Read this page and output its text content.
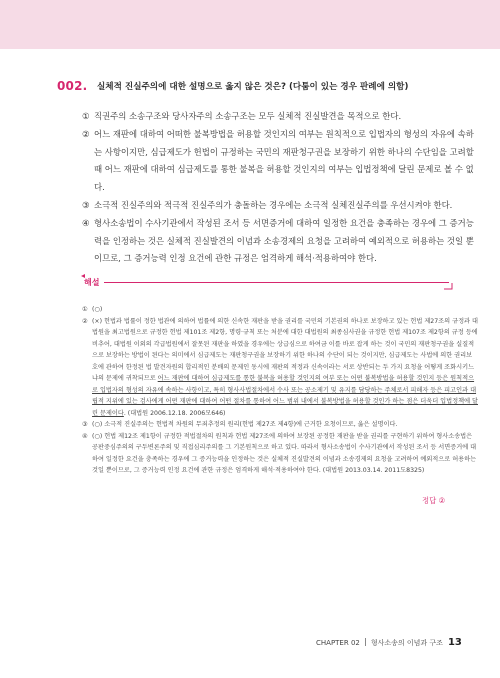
002. 실체적 진실주의에 대한 설명으로 옳지 않은 것은? (다툼이 있는 경우 판례에 의함)
① 직권주의 소송구조와 당사자주의 소송구조는 모두 실체적 진실발견을 목적으로 한다.
② 어느 재판에 대하여 어떠한 불복방법을 허용할 것인지의 여부는 원칙적으로 입법자의 형성의 자유에 속하는 사항이지만, 심급제도가 헌법이 규정하는 국민의 재판청구권을 보장하기 위한 하나의 수단임을 고려할 때 어느 재판에 대하여 심급제도를 통한 불복을 허용할 것인지의 여부는 입법정책에 달린 문제로 볼 수 없다.
③ 소극적 진실주의와 적극적 진실주의가 충돌하는 경우에는 소극적 실체진실주의를 우선시켜야 한다.
④ 형사소송법이 수사기관에서 작성된 조서 등 서면증거에 대하여 일정한 요건을 충족하는 경우에 그 증거능력을 인정하는 것은 실체적 진실발견의 이념과 소송경제의 요청을 고려하여 예외적으로 허용하는 것일 뿐이므로, 그 증거능력 인정 요건에 관한 규정은 엄격하게 해석·적용하여야 한다.
해설
① (○)
② (×) 헌법과 법률이 정한 법관에 의하여 법률에 의한 신속한 재판을 받을 권리를 국민의 기본권의 하나로 보장하고 있는 헌법 제27조의 규정과 대법원을 최고법원으로 규정한 헌법 제101조 제2항, 명령·규칙 또는 처분에 대한 대법원의 최종심사권을 규정한 헌법 제107조 제2항의 규정 등에 비추어, 대법원 이외의 각급법원에서 잘못된 재판을 하였을 경우에는 상급심으로 하여금 이를 바로 잡게 하는 것이 국민의 재판청구권을 실질적으로 보장하는 방법이 된다는 의미에서 심급제도는 재판청구권을 보장하기 위한 하나의 수단이 되는 것이지만, 심급제도는 사법에 의한 권리보호에 관하여 한정된 법 발견자원의 합리적인 분배의 문제인 동시에 재판의 적정과 신속이라는 서로 상반되는 두 가지 요청을 어떻게 조화시키느냐의 문제에 귀착되므로 어느 재판에 대하여 심급제도를 통한 불복을 허용할 것인지의 여부 또는 어떤 불복방법을 허용할 것인지 등은 원칙적으로 입법자의 형성의 자유에 속하는 사항이고, 특히 형사사법절차에서 수사 또는 공소제기 및 유지를 담당하는 주체로서 피해자 등은 피고인과 대립적 지위에 있는 검사에게 어떤 재판에 대하여 어떤 절차를 통하여 어느 범위 내에서 불복방법을 허용할 것인가 하는 점은 더욱더 입법정책에 달린 문제이다. (대법원 2006.12.18. 2006모646)
③ (○) 소극적 진실주의는 헌법적 차원의 무죄추정의 원리(헌법 제27조 제4항)에 근거한 요청이므로, 옳은 설명이다.
④ (○) 헌법 제12조 제1항이 규정한 적법절차의 원칙과 헌법 제27조에 의하여 보장된 공정한 재판을 받을 권리를 구현하기 위하여 형사소송법은 공판중심주의의 구두변론주의 및 직접심리주의를 그 기본원칙으로 하고 있다. 따라서 형사소송법이 수사기관에서 작성된 조서 등 서면증거에 대하여 일정한 요건을 충족하는 경우에 그 증거능력을 인정하는 것은 실체적 진실발견의 이념과 소송경제의 요청을 고려하여 예외적으로 허용하는 것일 뿐이므로, 그 증거능력 인정 요건에 관한 규정은 엄격하게 해석·적용하여야 한다. (대법원 2013.03.14. 2011도8325)
정답 ②
CHAPTER 02 형사소송의 이념과 구조 13
